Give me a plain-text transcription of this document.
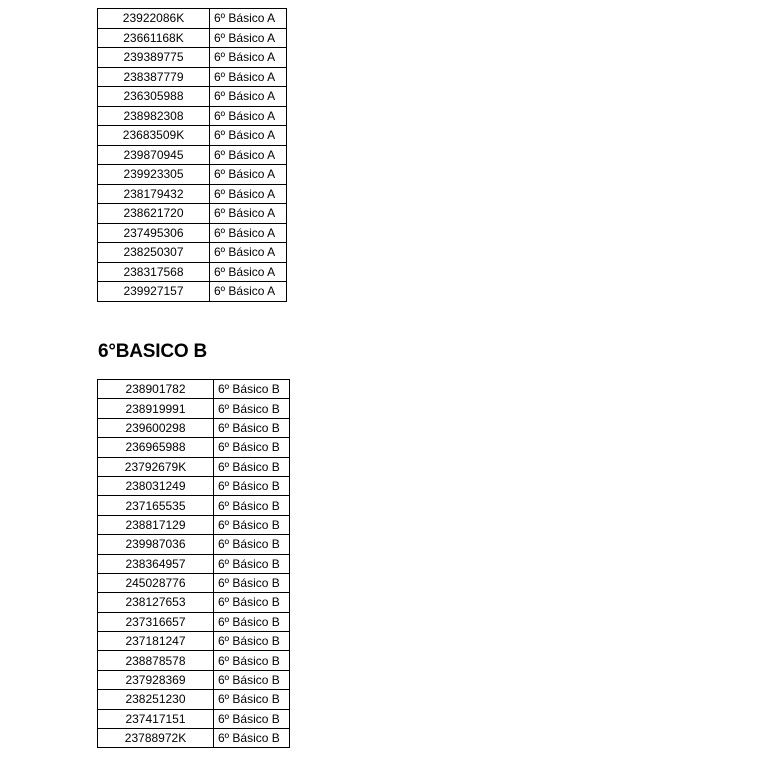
23922086K	6º Básico A
23661168K	6º Básico A
239389775	6º Básico A
238387779	6º Básico A
236305988	6º Básico A
238982308	6º Básico A
23683509K	6º Básico A
239870945	6º Básico A
239923305	6º Básico A
238179432	6º Básico A
238621720	6º Básico A
237495306	6º Básico A
238250307	6º Básico A
238317568	6º Básico A
239927157	6º Básico A
6°BASICO B
238901782	6º Básico B
238919991	6º Básico B
239600298	6º Básico B
236965988	6º Básico B
23792679K	6º Básico B
238031249	6º Básico B
237165535	6º Básico B
238817129	6º Básico B
239987036	6º Básico B
238364957	6º Básico B
245028776	6º Básico B
238127653	6º Básico B
237316657	6º Básico B
237181247	6º Básico B
238878578	6º Básico B
237928369	6º Básico B
238251230	6º Básico B
237417151	6º Básico B
23788972K	6º Básico B
